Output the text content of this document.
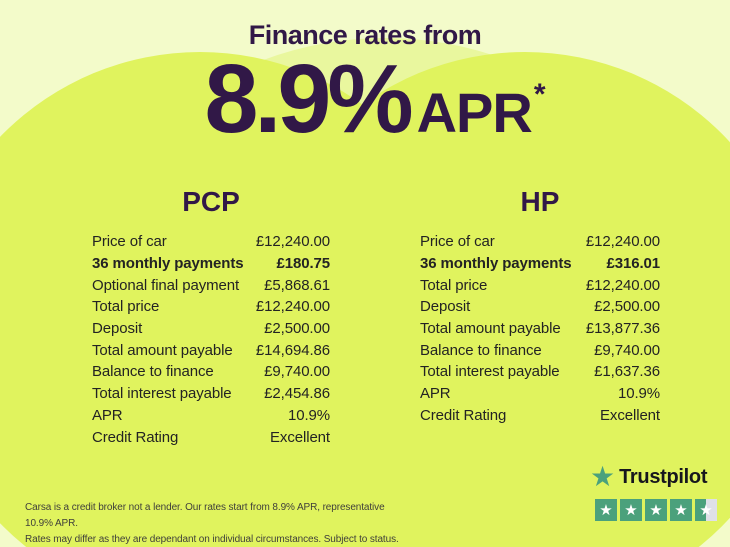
Finance rates from
8.9% APR *
PCP
Price of car	£12,240.00
36 monthly payments £180.75
Optional final payment £5,868.61
Total price	£12,240.00
Deposit	£2,500.00
Total amount payable £14,694.86
Balance to finance	£9,740.00
Total interest payable £2,454.86
APR	10.9%
Credit Rating	Excellent
HP
Price of car	£12,240.00
36 monthly payments £316.01
Total price	£12,240.00
Deposit	£2,500.00
Total amount payable £13,877.36
Balance to finance	£9,740.00
Total interest payable £1,637.36
APR	10.9%
Credit Rating	Excellent

Carsa is a credit broker not a lender. Our rates start from 8.9% APR, representative 10.9% APR.
Rates may differ as they are dependant on individual circumstances. Subject to status.

★ Trustpilot
★ ★ ★ ★ ★
